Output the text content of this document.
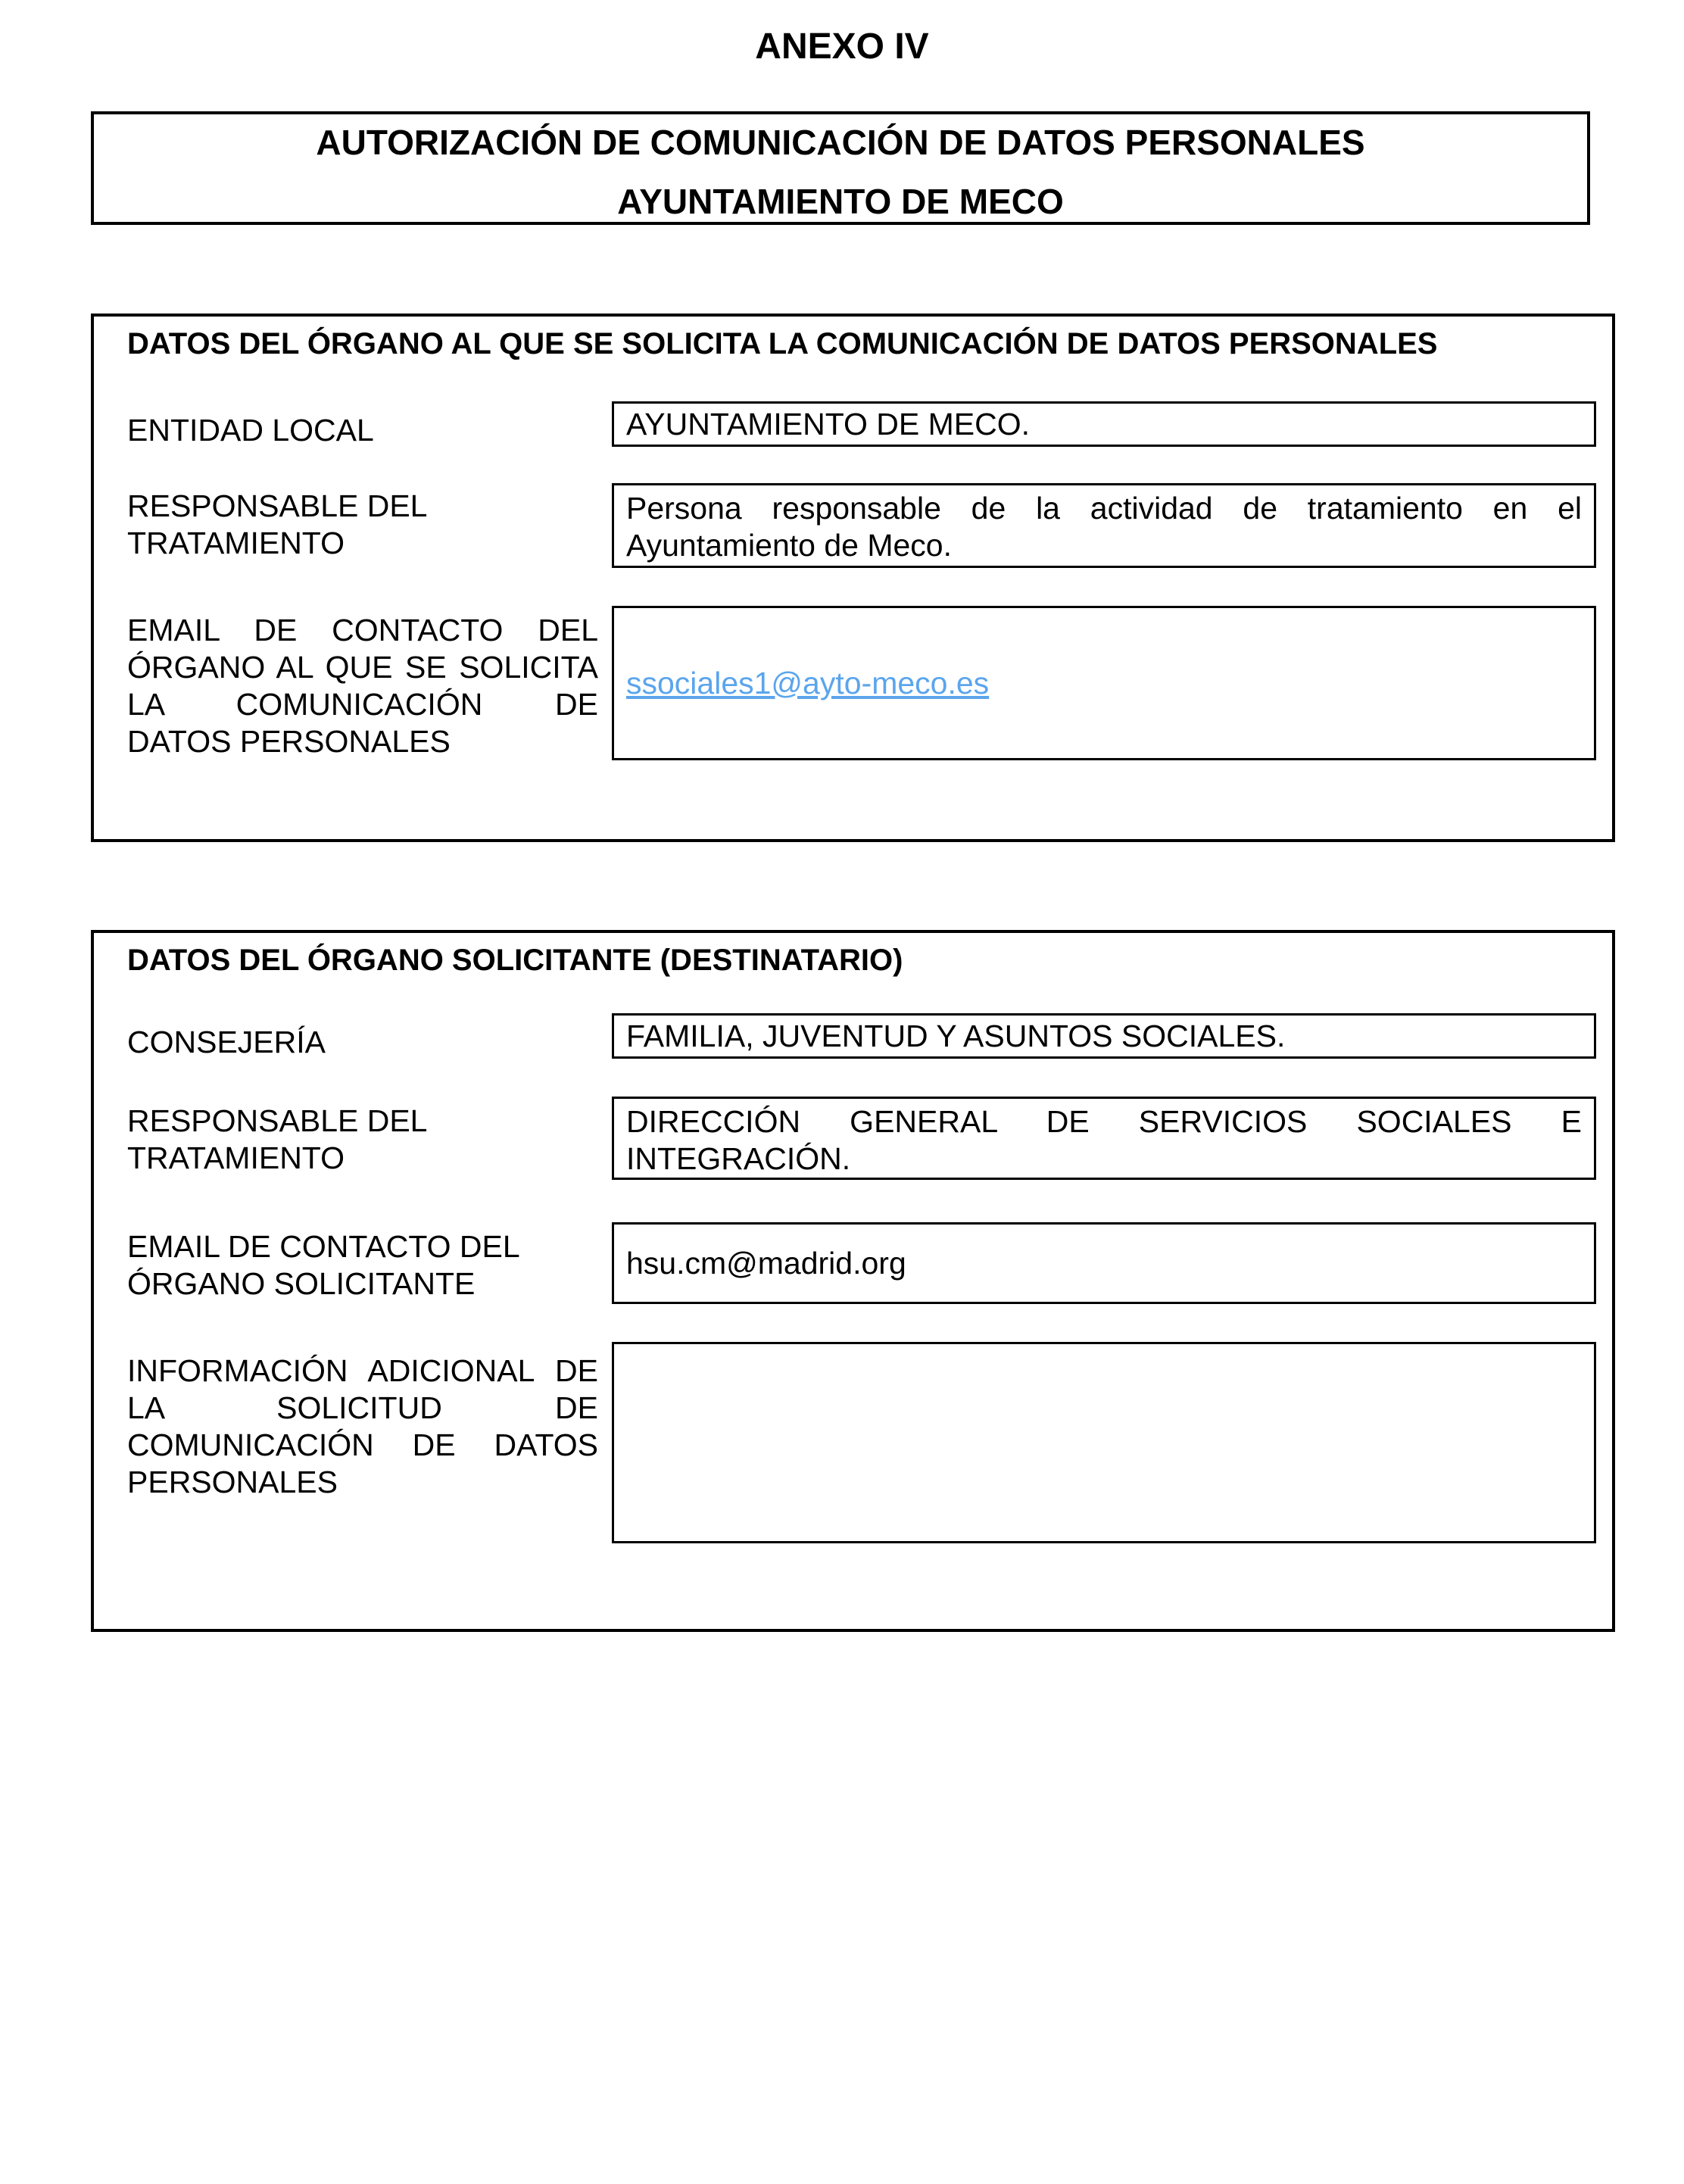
ANEXO IV
AUTORIZACIÓN DE COMUNICACIÓN DE DATOS PERSONALES
AYUNTAMIENTO DE MECO
DATOS DEL ÓRGANO AL QUE SE SOLICITA LA COMUNICACIÓN DE DATOS PERSONALES
ENTIDAD LOCAL	AYUNTAMIENTO DE MECO.
RESPONSABLE DEL TRATAMIENTO
Persona responsable de la actividad de tratamiento en el Ayuntamiento de Meco.
EMAIL DE CONTACTO DEL
ÓRGANO AL QUE SE SOLICITA
LA COMUNICACIÓN DE
DATOS PERSONALES
ssociales1@ayto-meco.es
DATOS DEL ÓRGANO SOLICITANTE (DESTINATARIO)
CONSEJERÍA	FAMILIA, JUVENTUD Y ASUNTOS SOCIALES.
RESPONSABLE DEL TRATAMIENTO
DIRECCIÓN GENERAL DE SERVICIOS SOCIALES E INTEGRACIÓN.
EMAIL DE CONTACTO DEL ÓRGANO SOLICITANTE
hsu.cm@madrid.org
INFORMACIÓN ADICIONAL DE LA SOLICITUD DE COMUNICACIÓN DE DATOS PERSONALES
